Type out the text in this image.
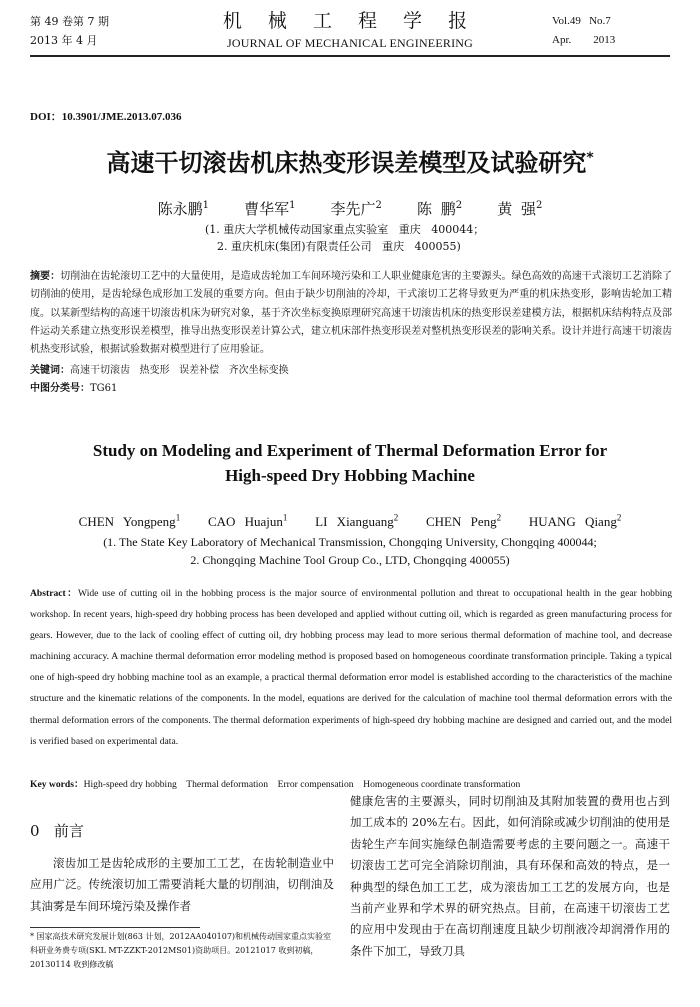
第 49 卷第 7 期
2013 年 4 月
机 械 工 程 学 报
JOURNAL OF MECHANICAL ENGINEERING
Vol.49   No.7
Apr.        2013
DOI：10.3901/JME.2013.07.036
高速干切滚齿机床热变形误差模型及试验研究*
陈永鹏$^1$ 曹华军$^1$ 李先广$^2$ 陈 鹏$^2$ 黄 强$^2$
(1. 重庆大学机械传动国家重点实验室   重庆   400044；
2. 重庆机床(集团)有限责任公司   重庆   400055)
摘要：切削油在齿轮滚切工艺中的大量使用，是造成齿轮加工车间环境污染和工人职业健康危害的主要源头。绿色高效的高速干式滚切工艺消除了切削油的使用，是齿轮绿色成形加工发展的重要方向。但由于缺少切削油的冷却，干式滚切工艺将导致更为严重的机床热变形，影响齿轮加工精度。以某新型结构的高速干切滚齿机床为研究对象，基于齐次坐标变换原理研究高速干切滚齿机床的热变形误差建模方法，根据机床结构特点及部件运动关系建立热变形误差模型，推导出热变形误差计算公式，建立机床部件热变形误差对整机热变形误差的影响关系。设计并进行高速干切滚齿机热变形试验，根据试验数据对模型进行了应用验证。
关键词：高速干切滚齿   热变形   误差补偿   齐次坐标变换
中图分类号：TG61
Study on Modeling and Experiment of Thermal Deformation Error for
High-speed Dry Hobbing Machine
CHEN Yongpeng$^1$ CAO Huajun$^1$ LI Xianguang$^2$ CHEN Peng$^2$ HUANG Qiang$^2$
(1. The State Key Laboratory of Mechanical Transmission, Chongqing University, Chongqing 400044;
2. Chongqing Machine Tool Group Co., LTD, Chongqing 400055)
Abstract：Wide use of cutting oil in the hobbing process is the major source of environmental pollution and threat to occupational health in the gear hobbing workshop. In recent years, high-speed dry hobbing process has been developed and applied without cutting oil, which is regarded as green manufacturing process for gears. However, due to the lack of cooling effect of cutting oil, dry hobbing process may lead to more serious thermal deformation of machine tool, and decrease machining accuracy. A machine thermal deformation error modeling method is proposed based on homogeneous coordinate transformation principle. Taking a typical one of high-speed dry hobbing machine tool as an example, a practical thermal deformation error model is established according to the characteristics of the machine structure and the kinematic relations of the components. In the model, equations are derived for the calculation of machine tool thermal deformation errors with the thermal deformation errors of the components. The thermal deformation experiments of high-speed dry hobbing machine are designed and carried out, and the model is verified based on experimental data.
Key words：High-speed dry hobbing    Thermal deformation    Error compensation    Homogeneous coordinate transformation
0   前言
滚齿加工是齿轮成形的主要加工工艺，在齿轮制造业中应用广泛。传统滚切加工需要消耗大量的切削油，切削油及其油雾是车间环境污染及操作者
健康危害的主要源头，同时切削油及其附加装置的费用也占到加工成本的 20%左右。因此，如何消除或减少切削油的使用是齿轮生产车间实施绿色制造需要考虑的主要问题之一。高速干切滚齿工艺可完全消除切削油，具有环保和高效的特点，是一种典型的绿色加工工艺，成为滚齿加工工艺的发展方向，也是当前产业界和学术界的研究热点。目前，在高速干切滚齿工艺的应用中发现由于在高切削速度且缺少切削液冷却润滑作用的条件下加工，导致刀具
* 国家高技术研究发展计划(863 计划，2012AA040107)和机械传动国家重点实验室科研业务费专项(SKL MT-ZZKT-2012MS01)资助项目。20121017 收到初稿，20130114 收到修改稿
